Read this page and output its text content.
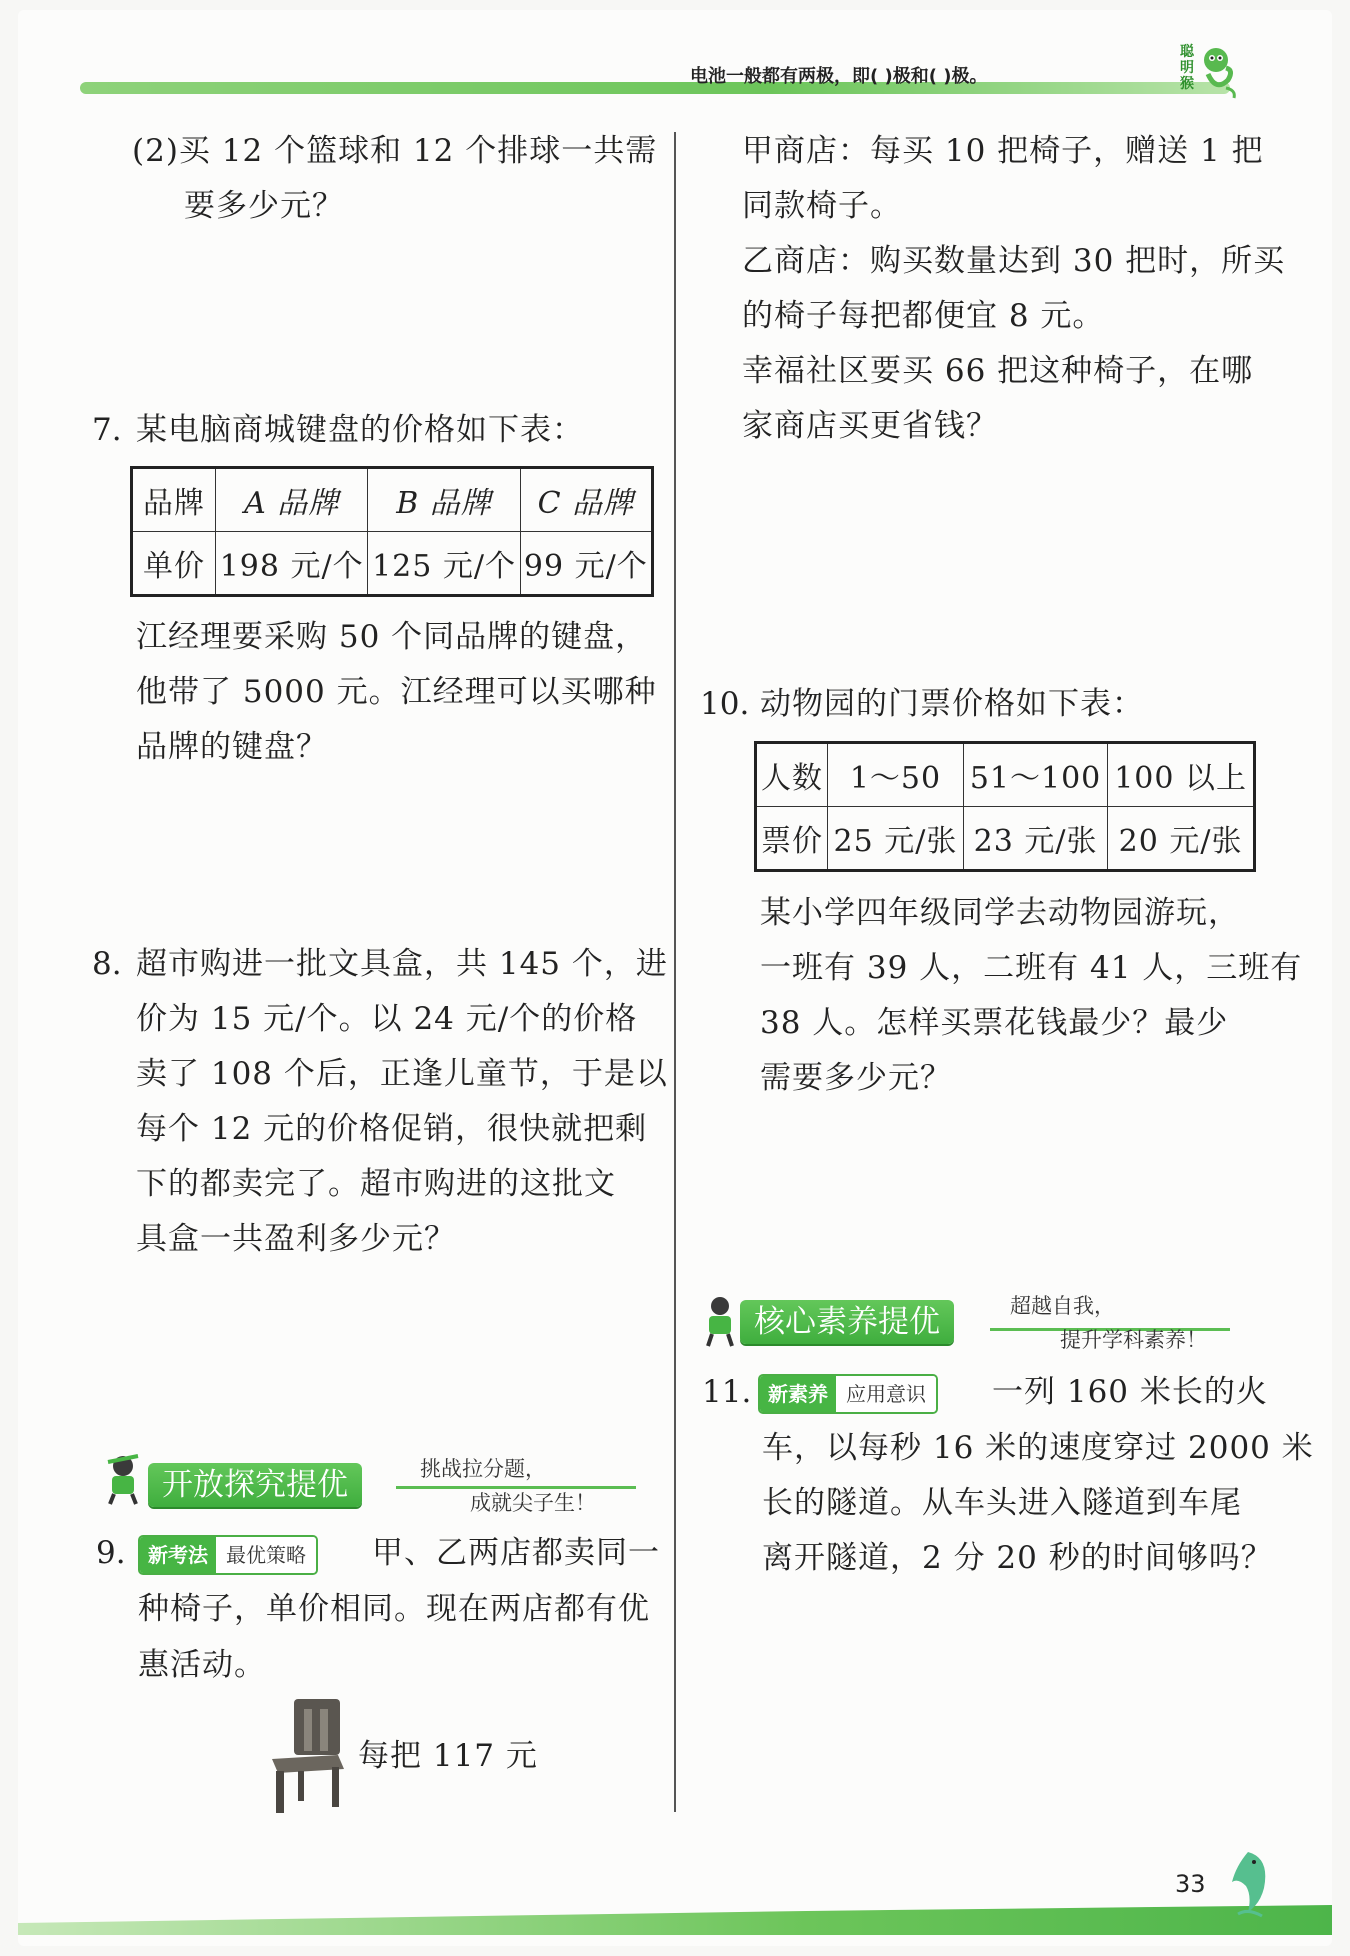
电池一般都有两极，即( )极和( )极。
聪明猴
(2)买 12 个篮球和 12 个排球一共需
要多少元？
7. 某电脑商城键盘的价格如下表：
品牌	A 品牌	B 品牌	C 品牌
单价	198 元/个	125 元/个	99 元/个
江经理要采购 50 个同品牌的键盘，
他带了 5000 元。江经理可以买哪种
品牌的键盘？
8. 超市购进一批文具盒，共 145 个，进
价为 15 元/个。以 24 元/个的价格
卖了 108 个后，正逢儿童节，于是以
每个 12 元的价格促销，很快就把剩
下的都卖完了。超市购进的这批文
具盒一共盈利多少元？
开放探究提优	挑战拉分题，
成就尖子生！
9.	新考法 最优策略	甲、乙两店都卖同一
种椅子，单价相同。现在两店都有优
惠活动。
每把 117 元
甲商店：每买 10 把椅子，赠送 1 把
同款椅子。
乙商店：购买数量达到 30 把时，所买
的椅子每把都便宜 8 元。
幸福社区要买 66 把这种椅子，在哪
家商店买更省钱？
10. 动物园的门票价格如下表：
人数	1～50	51～100	100 以上
票价	25 元/张	23 元/张	20 元/张
某小学四年级同学去动物园游玩，
一班有 39 人，二班有 41 人，三班有
38 人。怎样买票花钱最少？最少
需要多少元？
核心素养提优	超越自我，
提升学科素养！
11. 新素养 应用意识	一列 160 米长的火
车，以每秒 16 米的速度穿过 2000 米
长的隧道。从车头进入隧道到车尾
离开隧道，2 分 20 秒的时间够吗？
33
